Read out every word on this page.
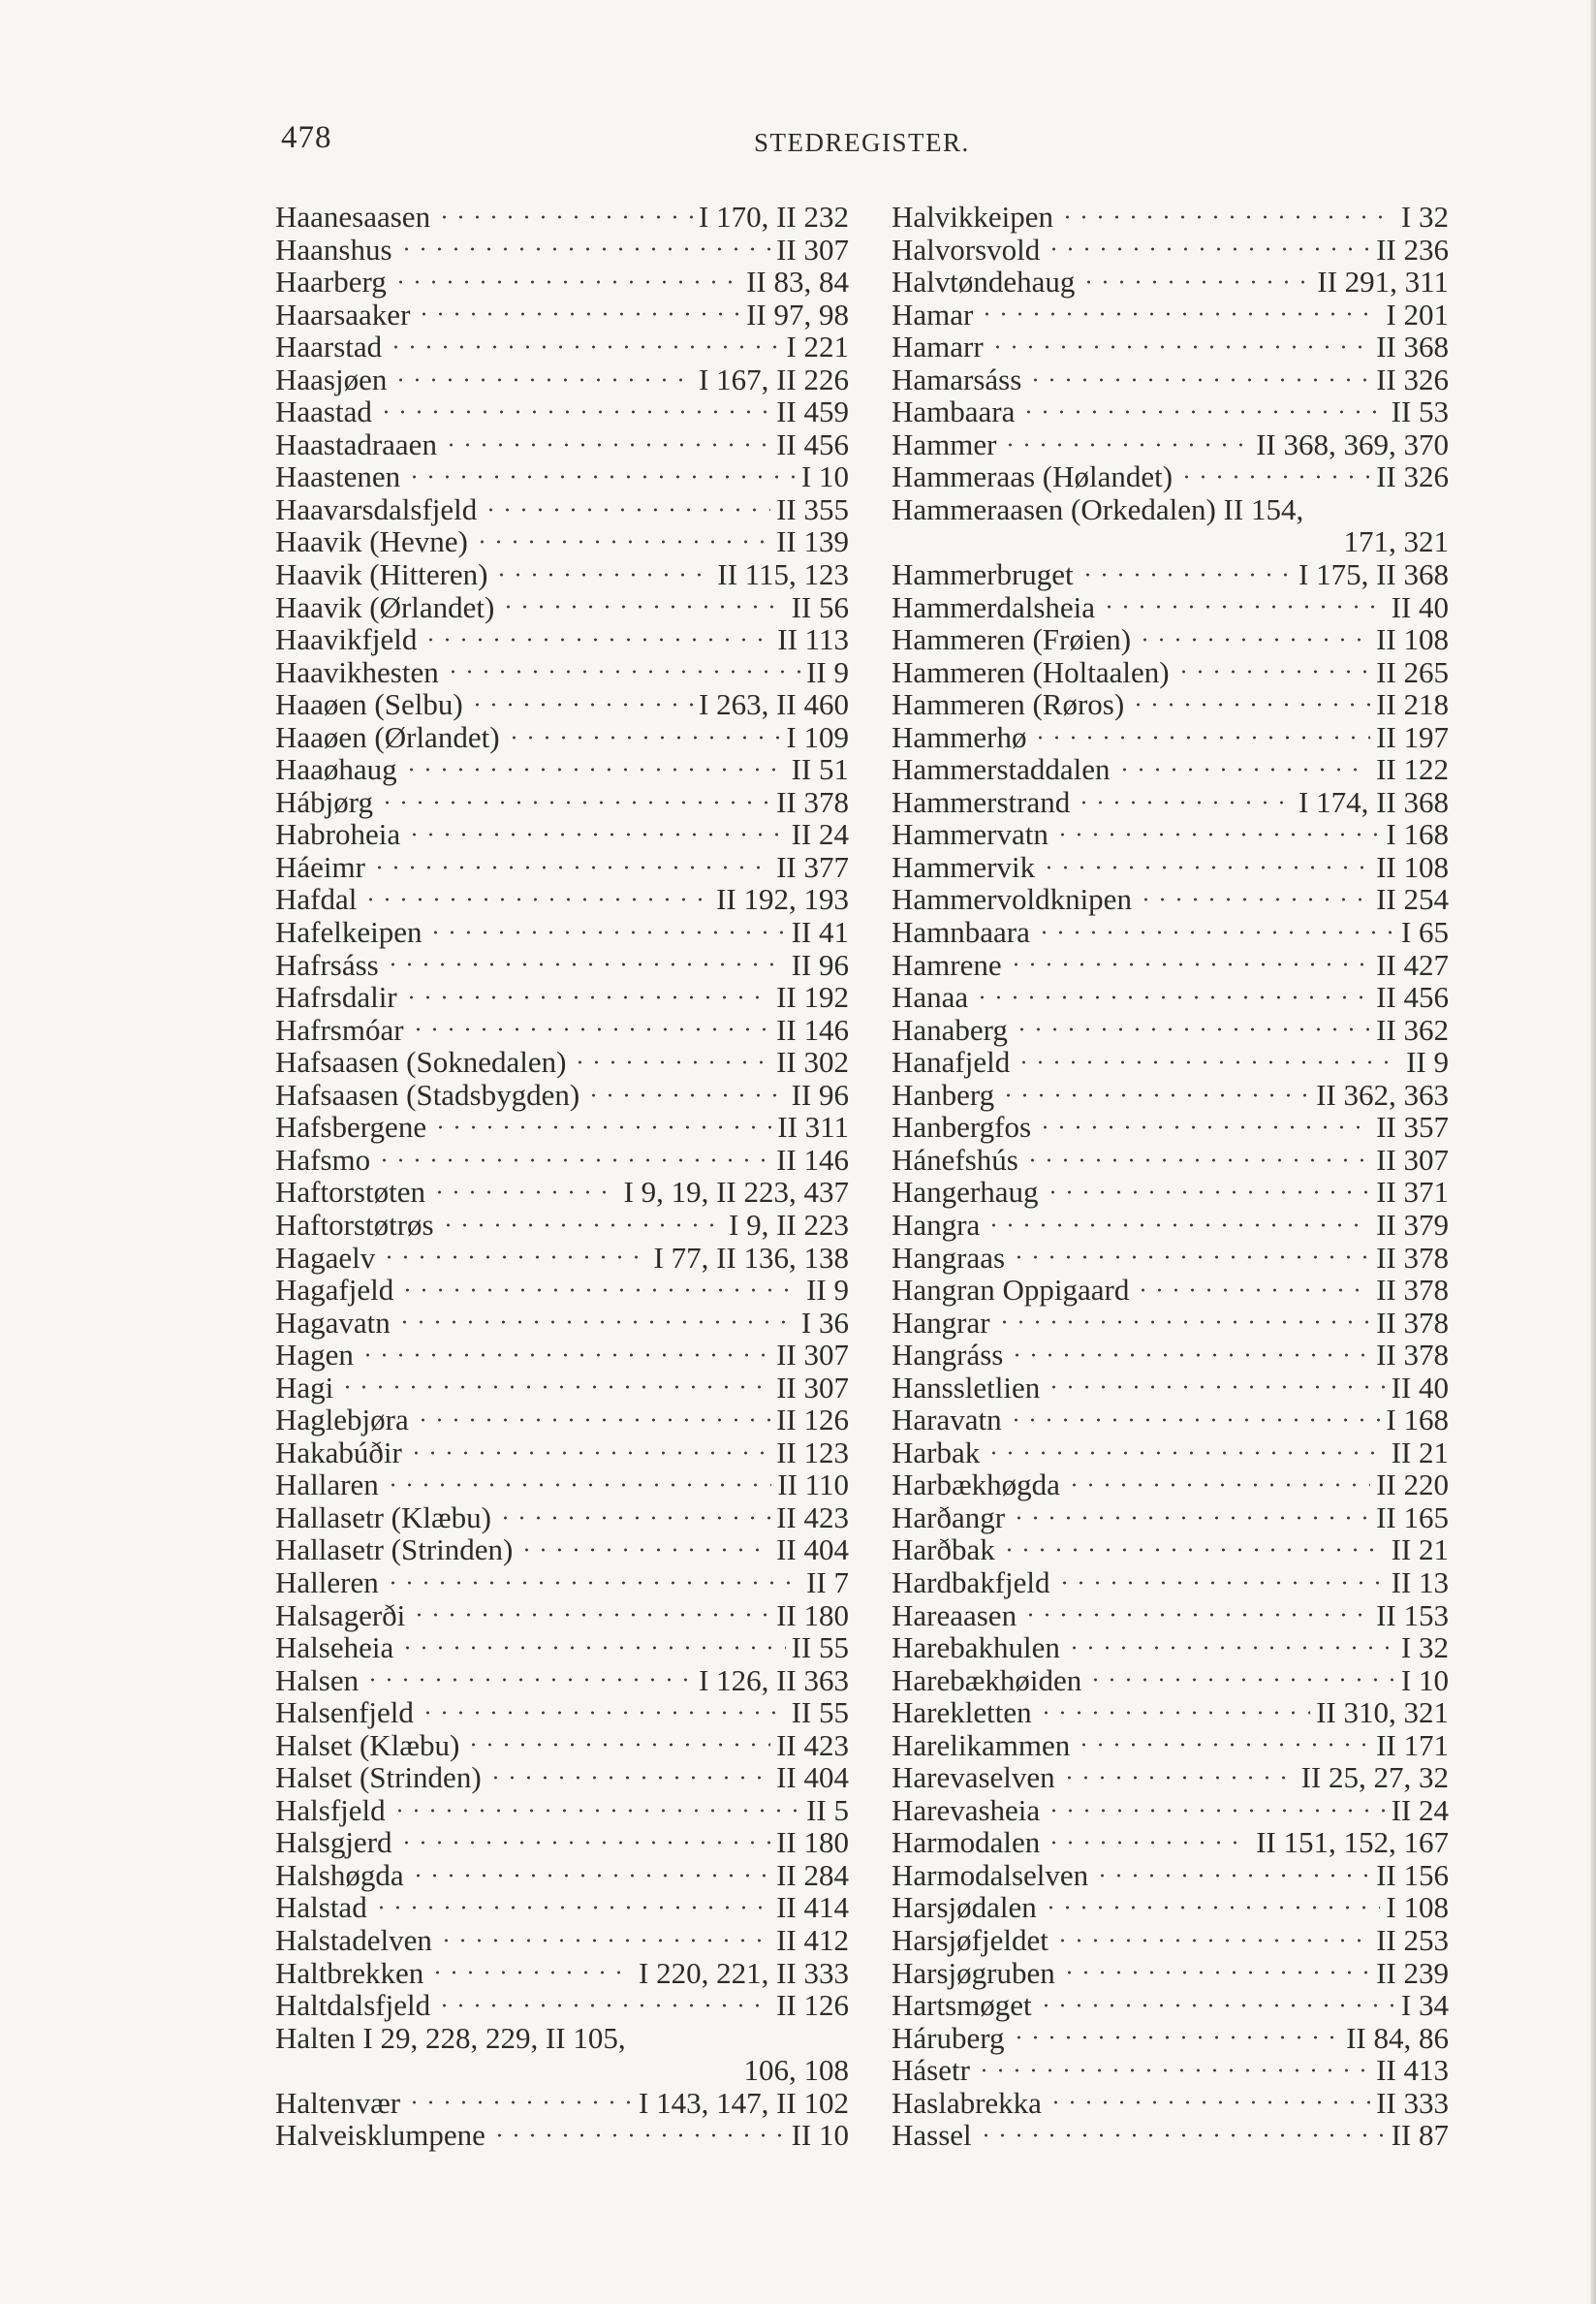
478	STEDREGISTER.
Haanesaasen	I 170, II 232
Haanshus	II 307
Haarberg	II 83, 84
Haarsaaker	II 97, 98
Haarstad	I 221
Haasjøen	I 167, II 226
Haastad	II 459
Haastadraaen	II 456
Haastenen	I 10
Haavarsdalsfjeld	II 355
Haavik (Hevne)	II 139
Haavik (Hitteren)	II 115, 123
Haavik (Ørlandet)	II 56
Haavikfjeld	II 113
Haavikhesten	II 9
Haaøen (Selbu)	I 263, II 460
Haaøen (Ørlandet)	I 109
Haaøhaug	II 51
Hábjørg	II 378
Habroheia	II 24
Háeimr	II 377
Hafdal	II 192, 193
Hafelkeipen	II 41
Hafrsáss	II 96
Hafrsdalir	II 192
Hafrsmóar	II 146
Hafsaasen (Soknedalen)	II 302
Hafsaasen (Stadsbygden)	II 96
Hafsbergene	II 311
Hafsmo	II 146
Haftorstøten	I 9, 19, II 223, 437
Haftorstøtrøs	I 9, II 223
Hagaelv	I 77, II 136, 138
Hagafjeld	II 9
Hagavatn	I 36
Hagen	II 307
Hagi	II 307
Haglebjøra	II 126
Hakabúðir	II 123
Hallaren	II 110
Hallasetr (Klæbu)	II 423
Hallasetr (Strinden)	II 404
Halleren	II 7
Halsagerði	II 180
Halseheia	II 55
Halsen	I 126, II 363
Halsenfjeld	II 55
Halset (Klæbu)	II 423
Halset (Strinden)	II 404
Halsfjeld	II 5
Halsgjerd	II 180
Halshøgda	II 284
Halstad	II 414
Halstadelven	II 412
Haltbrekken	I 220, 221, II 333
Haltdalsfjeld	II 126
Halten I 29, 228, 229, II 105,
106, 108
Haltenvær	I 143, 147, II 102
Halveisklumpene	II 10
Halvikkeipen	I 32
Halvorsvold	II 236
Halvtøndehaug	II 291, 311
Hamar	I 201
Hamarr	II 368
Hamarsáss	II 326
Hambaara	II 53
Hammer	II 368, 369, 370
Hammeraas (Hølandet)	II 326
Hammeraasen (Orkedalen) II 154,
171, 321
Hammerbruget	I 175, II 368
Hammerdalsheia	II 40
Hammeren (Frøien)	II 108
Hammeren (Holtaalen)	II 265
Hammeren (Røros)	II 218
Hammerhø	II 197
Hammerstaddalen	II 122
Hammerstrand	I 174, II 368
Hammervatn	I 168
Hammervik	II 108
Hammervoldknipen	II 254
Hamnbaara	I 65
Hamrene	II 427
Hanaa	II 456
Hanaberg	II 362
Hanafjeld	II 9
Hanberg	II 362, 363
Hanbergfos	II 357
Hánefshús	II 307
Hangerhaug	II 371
Hangra	II 379
Hangraas	II 378
Hangran Oppigaard	II 378
Hangrar	II 378
Hangráss	II 378
Hanssletlien	II 40
Haravatn	I 168
Harbak	II 21
Harbækhøgda	II 220
Harðangr	II 165
Harðbak	II 21
Hardbakfjeld	II 13
Hareaasen	II 153
Harebakhulen	I 32
Harebækhøiden	I 10
Harekletten	II 310, 321
Harelikammen	II 171
Harevaselven	II 25, 27, 32
Harevasheia	II 24
Harmodalen	II 151, 152, 167
Harmodalselven	II 156
Harsjødalen	I 108
Harsjøfjeldet	II 253
Harsjøgruben	II 239
Hartsmøget	I 34
Háruberg	II 84, 86
Hásetr	II 413
Haslabrekka	II 333
Hassel	II 87
